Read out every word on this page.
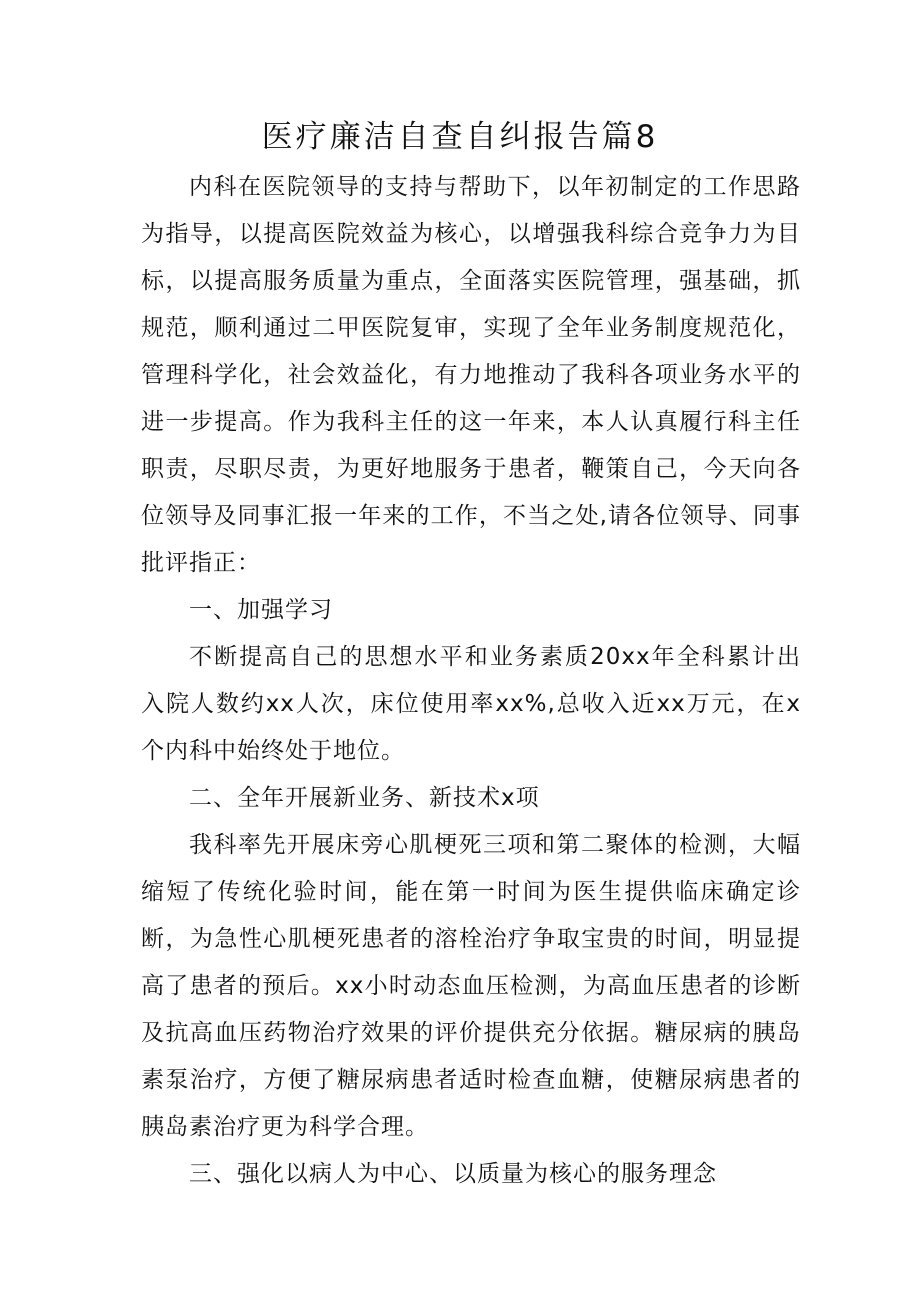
医疗廉洁自查自纠报告篇8

内科在医院领导的支持与帮助下，以年初制定的工作思路为指导，以提高医院效益为核心，以增强我科综合竞争力为目标，以提高服务质量为重点，全面落实医院管理，强基础，抓规范，顺利通过二甲医院复审，实现了全年业务制度规范化，管理科学化，社会效益化，有力地推动了我科各项业务水平的进一步提高。作为我科主任的这一年来，本人认真履行科主任职责，尽职尽责，为更好地服务于患者，鞭策自己，今天向各位领导及同事汇报一年来的工作，不当之处,请各位领导、同事批评指正：

一、加强学习

不断提高自己的思想水平和业务素质20xx年全科累计出入院人数约xx人次，床位使用率xx%,总收入近xx万元，在x个内科中始终处于地位。

二、全年开展新业务、新技术x项

我科率先开展床旁心肌梗死三项和第二聚体的检测，大幅缩短了传统化验时间，能在第一时间为医生提供临床确定诊断，为急性心肌梗死患者的溶栓治疗争取宝贵的时间，明显提高了患者的预后。xx小时动态血压检测，为高血压患者的诊断及抗高血压药物治疗效果的评价提供充分依据。糖尿病的胰岛素泵治疗，方便了糖尿病患者适时检查血糖，使糖尿病患者的胰岛素治疗更为科学合理。

三、强化以病人为中心、以质量为核心的服务理念
